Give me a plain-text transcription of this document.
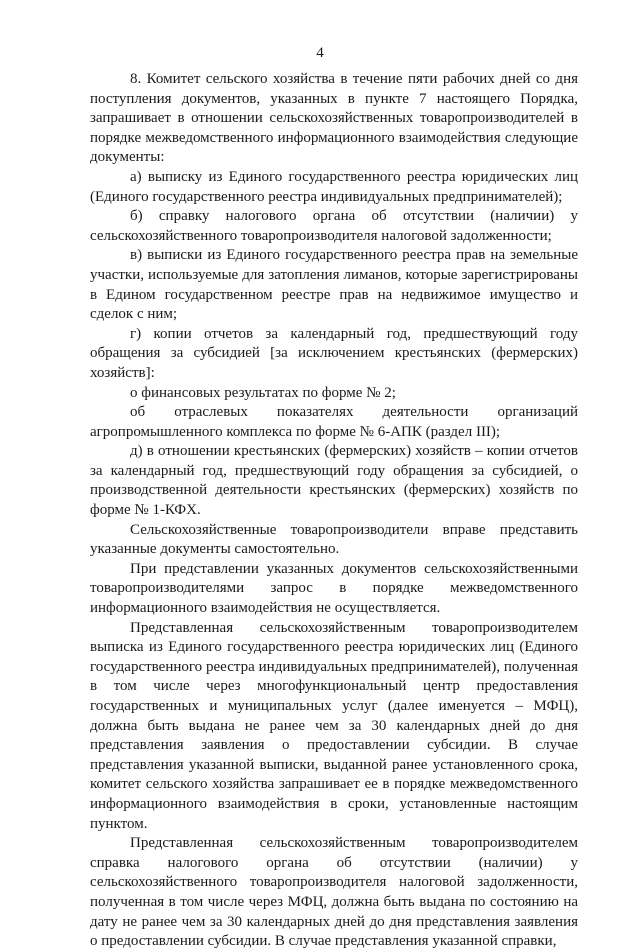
4

8. Комитет сельского хозяйства в течение пяти рабочих дней со дня поступления документов, указанных в пункте 7 настоящего Порядка, запрашивает в отношении сельскохозяйственных товаропроизводителей в порядке межведомственного информационного взаимодействия следующие документы:

а) выписку из Единого государственного реестра юридических лиц (Единого государственного реестра индивидуальных предпринимателей);

б) справку налогового органа об отсутствии (наличии) у сельскохозяйственного товаропроизводителя налоговой задолженности;

в) выписки из Единого государственного реестра прав на земельные участки, используемые для затопления лиманов, которые зарегистрированы в Едином государственном реестре прав на недвижимое имущество и сделок с ним;

г) копии отчетов за календарный год, предшествующий году обращения за субсидией [за исключением крестьянских (фермерских) хозяйств]:

о финансовых результатах по форме № 2;

об отраслевых показателях деятельности организаций агропромышленного комплекса по форме № 6-АПК (раздел III);

д) в отношении крестьянских (фермерских) хозяйств – копии отчетов за календарный год, предшествующий году обращения за субсидией, о производственной деятельности крестьянских (фермерских) хозяйств по форме № 1-КФХ.

Сельскохозяйственные товаропроизводители вправе представить указанные документы самостоятельно.

При представлении указанных документов сельскохозяйственными товаропроизводителями запрос в порядке межведомственного информационного взаимодействия не осуществляется.

Представленная сельскохозяйственным товаропроизводителем выписка из Единого государственного реестра юридических лиц (Единого государственного реестра индивидуальных предпринимателей), полученная в том числе через многофункциональный центр предоставления государственных и муниципальных услуг (далее именуется – МФЦ), должна быть выдана не ранее чем за 30 календарных дней до дня представления заявления о предоставлении субсидии. В случае представления указанной выписки, выданной ранее установленного срока, комитет сельского хозяйства запрашивает ее в порядке межведомственного информационного взаимодействия в сроки, установленные настоящим пунктом.

Представленная сельскохозяйственным товаропроизводителем справка налогового органа об отсутствии (наличии) у сельскохозяйственного товаропроизводителя налоговой задолженности, полученная в том числе через МФЦ, должна быть выдана по состоянию на дату не ранее чем за 30 календарных дней до дня представления заявления о предоставлении субсидии. В случае представления указанной справки,
